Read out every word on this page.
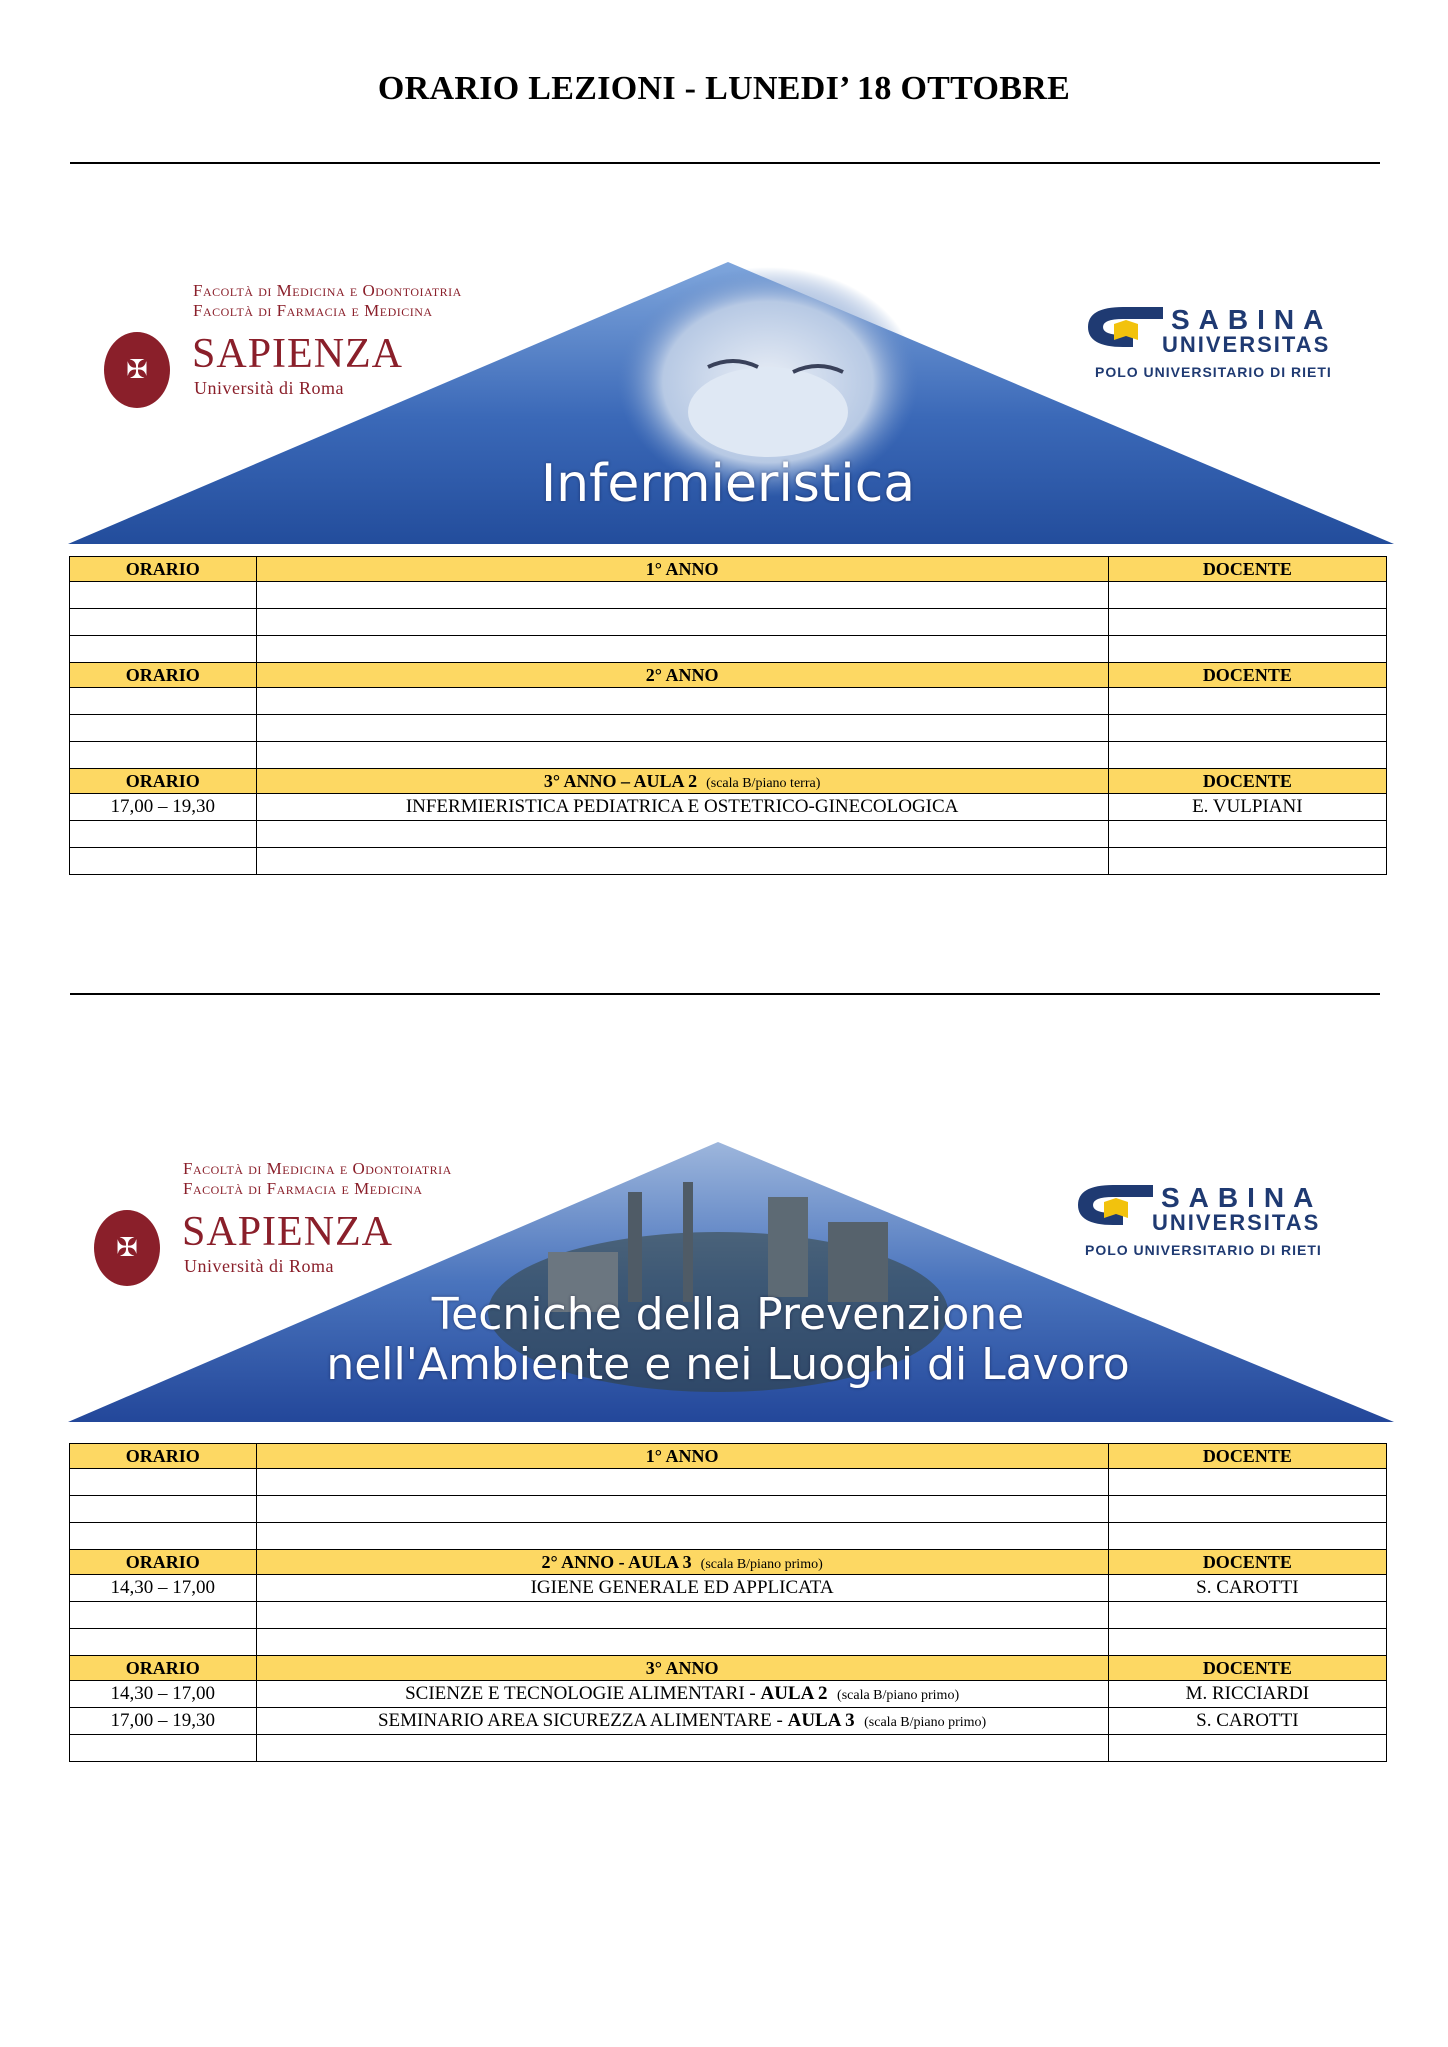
ORARIO LEZIONI - LUNEDI’ 18 OTTOBRE
Facoltà di Medicina e Odontoiatria
Facoltà di Farmacia e Medicina
✠	SAPIENZA
Università di Roma
SABINA
UNIVERSITAS
POLO UNIVERSITARIO DI RIETI
Infermieristica
ORARIO	1° ANNO	DOCENTE

ORARIO	2° ANNO	DOCENTE

ORARIO	3° ANNO – AULA 2 (scala B/piano terra)	DOCENTE
17,00 – 19,30	INFERMIERISTICA PEDIATRICA E OSTETRICO-GINECOLOGICA	E. VULPIANI

Facoltà di Medicina e Odontoiatria
Facoltà di Farmacia e Medicina
✠	SAPIENZA
Università di Roma
SABINA
UNIVERSITAS
POLO UNIVERSITARIO DI RIETI
Tecniche della Prevenzione
nell'Ambiente e nei Luoghi di Lavoro
ORARIO	1° ANNO	DOCENTE

ORARIO	2° ANNO - AULA 3 (scala B/piano primo)	DOCENTE
14,30 – 17,00	IGIENE GENERALE ED APPLICATA	S. CAROTTI

ORARIO	3° ANNO	DOCENTE
14,30 – 17,00	SCIENZE E TECNOLOGIE ALIMENTARI - AULA 2 (scala B/piano primo)	M. RICCIARDI
17,00 – 19,30	SEMINARIO AREA SICUREZZA ALIMENTARE - AULA 3 (scala B/piano primo)	S. CAROTTI
